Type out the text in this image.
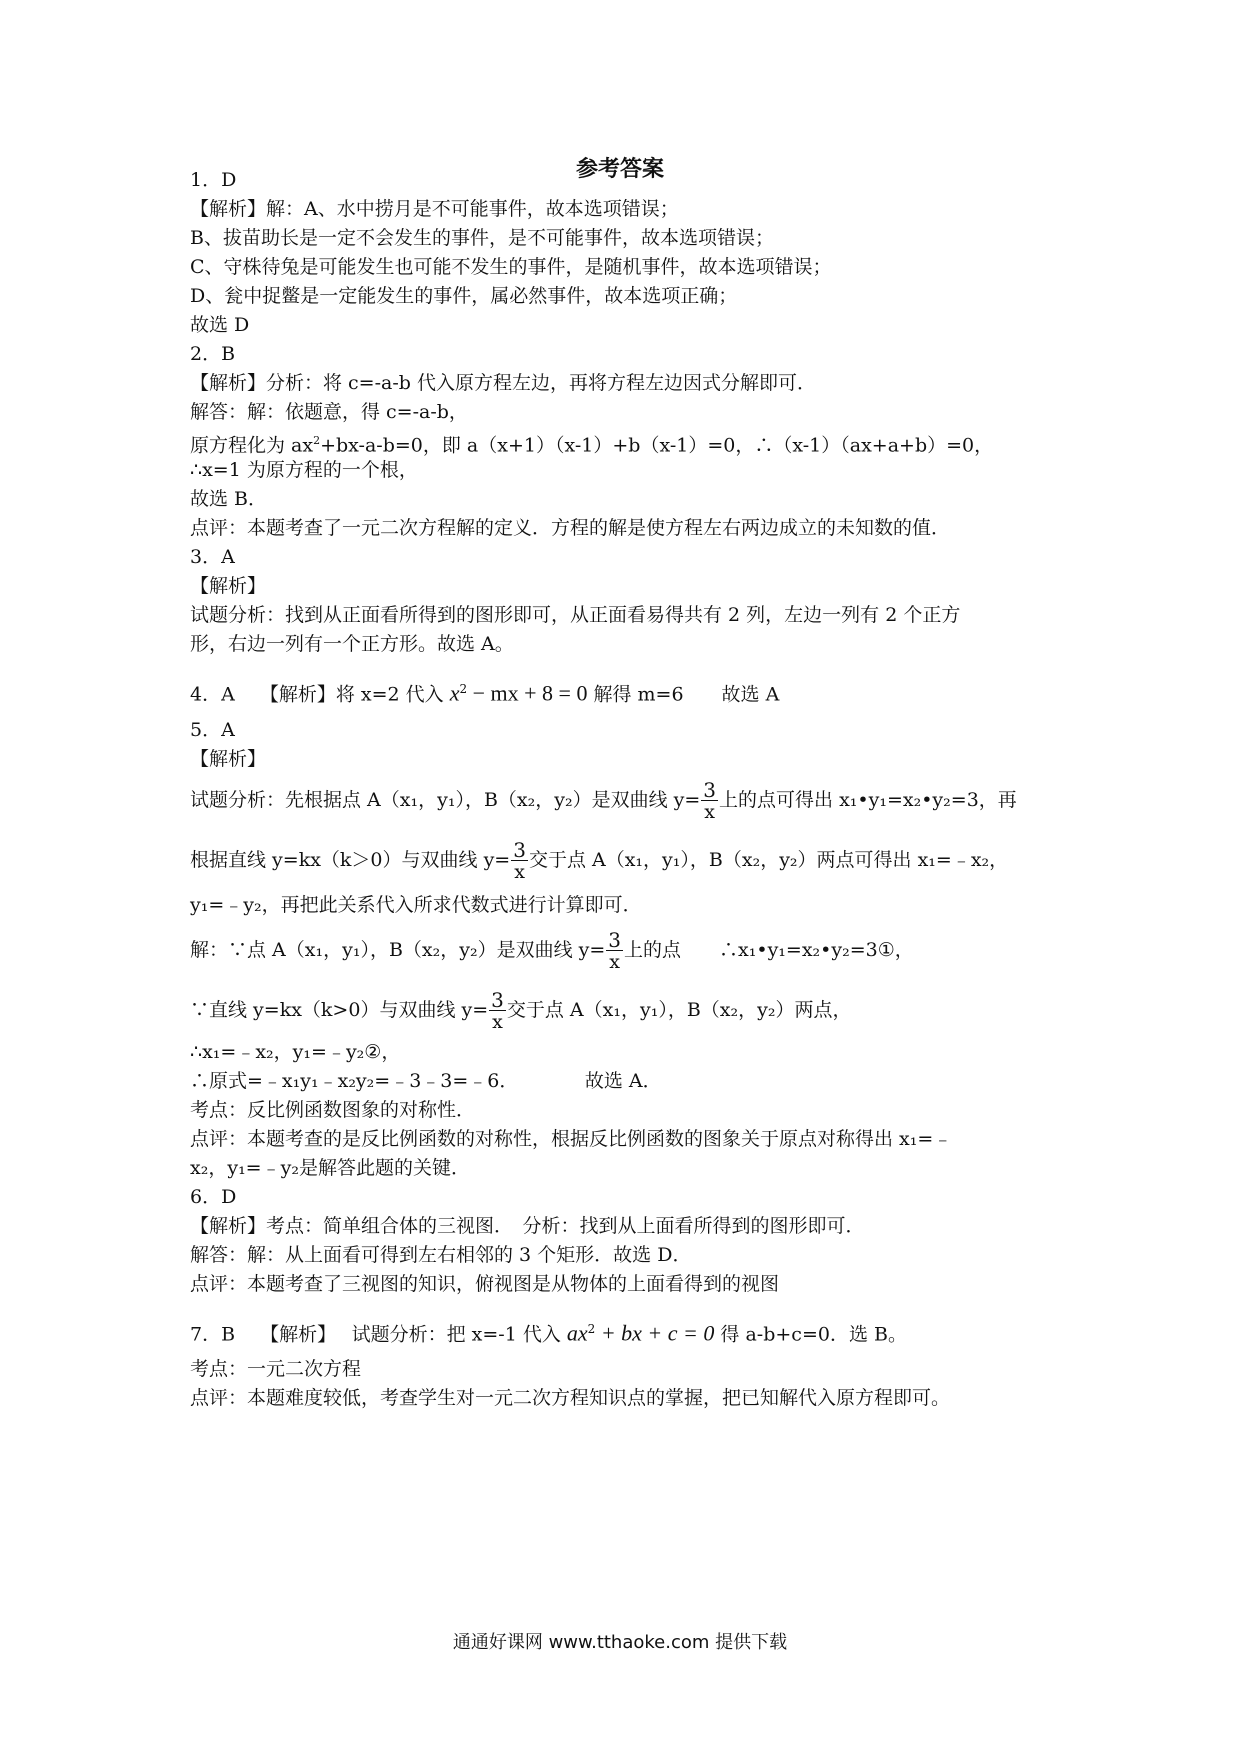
参考答案
1．D
【解析】解：A、水中捞月是不可能事件，故本选项错误；
B、拔苗助长是一定不会发生的事件，是不可能事件，故本选项错误；
C、守株待兔是可能发生也可能不发生的事件，是随机事件，故本选项错误；
D、瓮中捉鳖是一定能发生的事件，属必然事件，故本选项正确；
故选 D
2．B
【解析】分析：将 c=-a-b 代入原方程左边，再将方程左边因式分解即可．
解答：解：依题意，得 c=-a-b，
原方程化为 $ax^2+bx-a-b=0$，即 a（x+1）（x-1）+b（x-1）=0，∴（x-1）（ax+a+b）=0，
∴x=1 为原方程的一个根，
故选 B．
点评：本题考查了一元二次方程解的定义．方程的解是使方程左右两边成立的未知数的值．
3．A
【解析】
试题分析：找到从正面看所得到的图形即可，从正面看易得共有 2 列，左边一列有 2 个正方
形，右边一列有一个正方形。故选 A。
4．A　 【解析】将 x=2 代入 $x^2$ − mx + 8 = 0 解得 m=6　　故选 A
5．A
【解析】
试题分析：先根据点 A（x₁，y₁），B（x₂，y₂）是双曲线 $y= \frac{3}{x}$ 上的点可得出 x₁•y₁=x₂•y₂=3，再
根据直线 y=kx（k＞0）与双曲线 $y= \frac{3}{x}$ 交于点 A（x₁，y₁），B（x₂，y₂）两点可得出 x₁=﹣x₂，
y₁=﹣y₂，再把此关系代入所求代数式进行计算即可．
解：∵点 A（x₁，y₁），B（x₂，y₂）是双曲线 $y= \frac{3}{x}$ 上的点　　∴x₁•y₁=x₂•y₂=3①，
∵直线 y=kx（k>0）与双曲线 $y= \frac{3}{x}$ 交于点 A（x₁，y₁），B（x₂，y₂）两点，
∴x₁=﹣x₂，y₁=﹣y₂②，
∴原式=﹣x₁y₁﹣x₂y₂=﹣3﹣3=﹣6．　　　　故选 A．
考点：反比例函数图象的对称性．
点评：本题考查的是反比例函数的对称性，根据反比例函数的图象关于原点对称得出 x₁=﹣
x₂，y₁=﹣y₂是解答此题的关键．
6．D
【解析】考点：简单组合体的三视图．　分析：找到从上面看所得到的图形即可．
解答：解：从上面看可得到左右相邻的 3 个矩形．故选 D．
点评：本题考查了三视图的知识，俯视图是从物体的上面看得到的视图
7．B　 【解析】　 试题分析：把 x=-1 代入 $ax^2$ + bx + c = 0 得 a-b+c=0．选 B。
考点：一元二次方程
点评：本题难度较低，考查学生对一元二次方程知识点的掌握，把已知解代入原方程即可。
通通好课网 www.tthaoke.com 提供下载
